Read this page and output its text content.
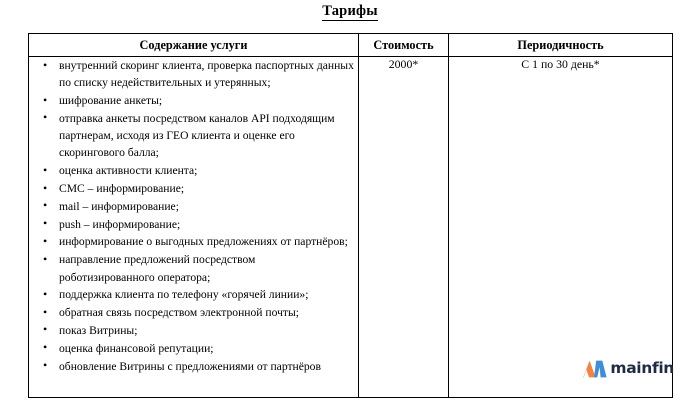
Тарифы
Содержание услуги	Стоимость	Периодичность

• внутренний скоринг клиента, проверка паспортных данных по списку недействительных и утерянных;
• шифрование анкеты;
• отправка анкеты посредством каналов API подходящим партнерам, исходя из ГЕО клиента и оценке его скорингового балла;
• оценка активности клиента;
• СМС – информирование;
• mail – информирование;
• push – информирование;
• информирование о выгодных предложениях от партнёров;
• направление предложений посредством роботизированного оператора;
• поддержка клиента по телефону «горячей линии»;
• обратная связь посредством электронной почты;
• показ Витрины;
• оценка финансовой репутации;
• обновление Витрины с предложениями от партнёров
	2000*	С 1 по 30 день*
mainfin
